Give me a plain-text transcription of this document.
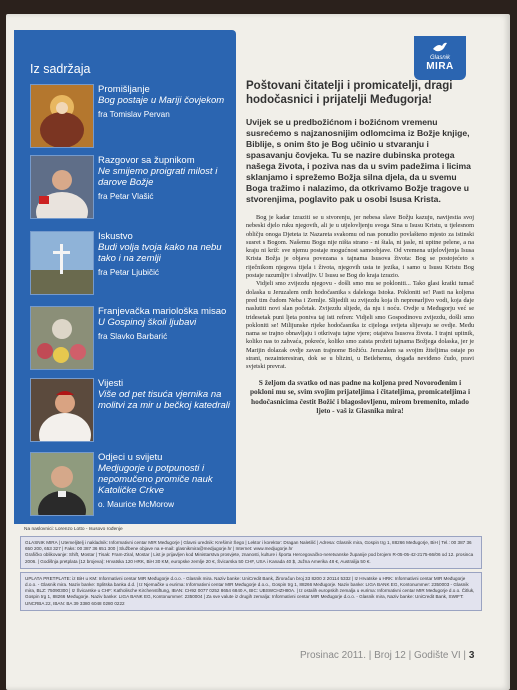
Iz sadržaja
Promišljanje
Bog postaje u Mariji čovjekom
fra Tomislav Pervan
Razgovor sa župnikom
Ne smijemo proigrati milost i darove Božje
fra Petar Vlašić
Iskustvo
Budi volja tvoja kako na nebu tako i na zemlji
fra Petar Ljubičić
Franjevačka mariološka misao
U Gospinoj školi ljubavi
fra Slavko Barbarić
Vijesti
Više od pet tisuća vjernika na molitvi za mir u bečkoj katedrali
Odjeci u svijetu
Medjugorje u potpunosti i nepomučeno promiče nauk Katoličke Crkve
o. Maurice McMorow
Na naslovnici: Lorenzo Lotto - Isusovo rođenje
Glasnik
MIRA
Poštovani čitatelji i promicatelji, dragi hodočasnici i prijatelji Međugorja!
Uvijek se u predbožićnom i božićnom vremenu susrećemo s najzanosnijim odlomcima iz Božje knjige, Biblije, s onim što je Bog učinio u stvaranju i spasavanju čovjeka. Tu se nazire dubinska protega našega života, i poziva nas da u svim padežima i licima sklanjamo i sprežemo Božja silna djela, da u svemu Boga tražimo i nalazimo, da otkrivamo Božje tragove u stvorenjima, poglavito pak u osobi Isusa Krista.
Bog je kadar izraziti se u stvorenju, jer nebesa slave Božju kazuju, navijestia svoj nebeski djelo ruku njegovih, ali je u utjelovljenju svoga Sina u Isusu Kristu, u tjelesnom obličju onoga Djeteta iz Nazareta svakomu od nas ponudio povlašteno mjesto za istinski susret s Bogom. Našemu Bogu nije ništa strano - ni štala, ni jasle, ni upitne pelene, a na kraju ni križ: sve njemu postaje mogućnost samoobjave. Od vremena utjelovljenja Isusa Krista Božja je objava povezana s tajnama Isusova života: Bog se postojećeto s riječnikom njegova tijela i života, njegovih usta te jezika, i samo u Isusu Kristu Bog postaje razumljiv i shvatljiv. U Isusu se Bog do kraja izrazio.
Vidjeli smo zvijezdu njegovu - došli smo mu se pokloniti... Tako glasi kratki tumač dolaska u Jeruzalem onih hodočasnika s dalekoga Istoka. Pokloniti se! Pasti na koljena pred tim čudom Neba i Zemlje. Slijedili su zvijezdu koja ih nepreваrljivo vodi, koja daje naslutiti novi slan početak. Zvijezdu slijede, da nju i noću. Ovdje u Međugorju već se tridesetak puni ljeta poniva taj isti refren: Vidjeli smo Gospodinovu zvijezdu, došli smo pokloniti se! Milijunske rijeke hodočasnika iz cijeloga svijeta slijevaju se ovdje. Među nama se trajno obnavljaju i otkrivaju tajne vjere; otajstva Isusova života. I trajni upitnik, koliko nas to zahvaća, pokreće, koliko smo zaista prožeti tajnama Božjega dolaska, jer je Marijin dolazak ovdje zavan trajnome Božiću. Jeruzalem sa svojim žiteljima ostaje po strani, nezainteresiran, dok se u blizini, u Betlehemu, događa neviđeno čudo, pravi svjetski prevrat.
S željom da svatko od nas padne na koljena pred Novorođenim i pokloni mu se, svim svojim prijateljima i čitateljima, promicateljima i hodočasnicima čestit Božić i blagoslovljenu, mirom bremenito, mlado ljeto - vaš iz Glasnika mira!
GLASNIK MIRA | Utemeljitelj i nakladnik: Informativni centar MIR Međugorje | Glavni urednik: Krešimir Šego | Lektor i korektor: Dragan Naletilić | Adresa: Glasnik mira, Gospin trg 1, 88266 Međugorje, BiH | Tel.: 00 387 36 650 200, 653 327 | Faks: 00 387 36 651 300 | Službene objave na e-mail: glasnikmira@medjugorje.hr | Internet: www.medjugorje.hr
Grafičko oblikovanje: Shift, Mostar | Tisak: Fram-Ziral, Mostar | List je prijavljen kod Ministarstva prosvjete, znanosti, kulture i športa Hercegovačko-neretvanske županije pod brojem R-05-05-42-2175-66/06 od 12. prosinca 2006. | Godišnja pretplata (12 brojeva): Hrvatska 120 HRK, BiH 30 KM, europske zemlje 20 €, Švicarska 50 CHF, USA i Kanada 40 $, Južna Amerika 48 €, Australija 50 €.
UPLATA PRETPLATE: iz BiH u KM: Informativni centar MIR Međugorje d.o.o. - Glasnik mira. Naziv banke: UniCredit Bank, Žiroračun broj 33 8200 2 20114 5332 | Iz Hrvatske u HRK: Informativni centar MIR Međugorje d.o.o. - Glasnik mira. Naziv banke: Splitska banka d.d. | Iz Njemačke u eurima: Informativni centar MIR Međugorje d.o.o., Gospin trg 1, 88266 Međugorje. Naziv banke: LIGA BANK EG, Kontonummer: 2350003 - Glasnik mira, BLZ: 75090300 | Iz Švicarske u CHF: Katholische Kirchenstiftung, IBAN: CH92 0077 0252 8654 6840 A, BIC: UBSWCHZH80A. | Iz ostalih europskih zemalja u eurima: Informativni centar MIR Međugorje d.o.o. Čitluk, Gospin trg 1, 88266 Međugorje. Naziv banke: LIGA BANK EG, Kontonummer: 2350004 | Za sve valute iz drugih zemalja: Informativni centar MIR Međugorje d.o.o. - Glasnik mira, Naziv banke: UniCredit Bank, SWIFT: UNCRBA 22, IBAN: BA 39 3380 6048 0280 0222
Prosinac 2011. | Broj 12 | Godište VI | 3
